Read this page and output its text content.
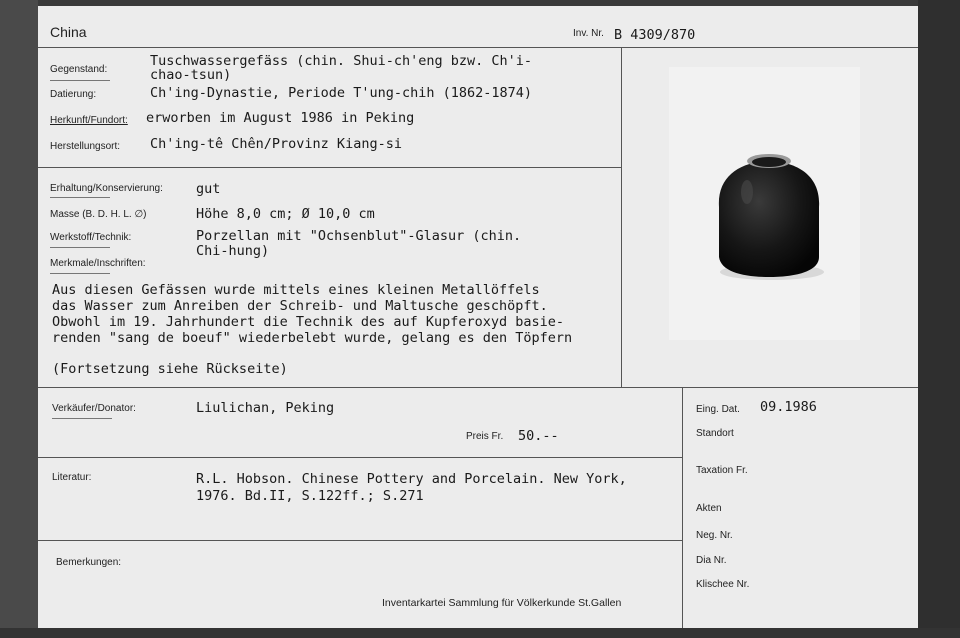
China	Inv. Nr. B 4309/870
Gegenstand:
Tuschwassergefäss (chin. Shui-ch'eng bzw. Ch'i-
chao-tsun)
Datierung:	Ch'ing-Dynastie, Periode T'ung-chih (1862-1874)
Herkunft/Fundort: erworben im August 1986 in Peking
Herstellungsort: Ch'ing-tê Chên/Provinz Kiang-si
Erhaltung/Konservierung: gut
Masse (B. D. H. L. ∅)	Höhe 8,0 cm; Ø 10,0 cm
Werkstoff/Technik:	Porzellan mit "Ochsenblut"-Glasur (chin.
Chi-hung)
Merkmale/Inschriften:
Aus diesen Gefässen wurde mittels eines kleinen Metallöffels
das Wasser zum Anreiben der Schreib- und Maltusche geschöpft.
Obwohl im 19. Jahrhundert die Technik des auf Kupferoxyd basie-
renden "sang de boeuf" wiederbelebt wurde, gelang es den Töpfern
(Fortsetzung siehe Rückseite)
Verkäufer/Donator:	Liulichan, Peking
Preis Fr. 50.--
Literatur:	R.L. Hobson. Chinese Pottery and Porcelain. New York,
1976. Bd.II, S.122ff.; S.271
Bemerkungen:
Inventarkartei Sammlung für Völkerkunde St.Gallen
Eing. Dat. 09.1986
Standort
Taxation Fr.
Akten
Neg. Nr.
Dia Nr.
Klischee Nr.
